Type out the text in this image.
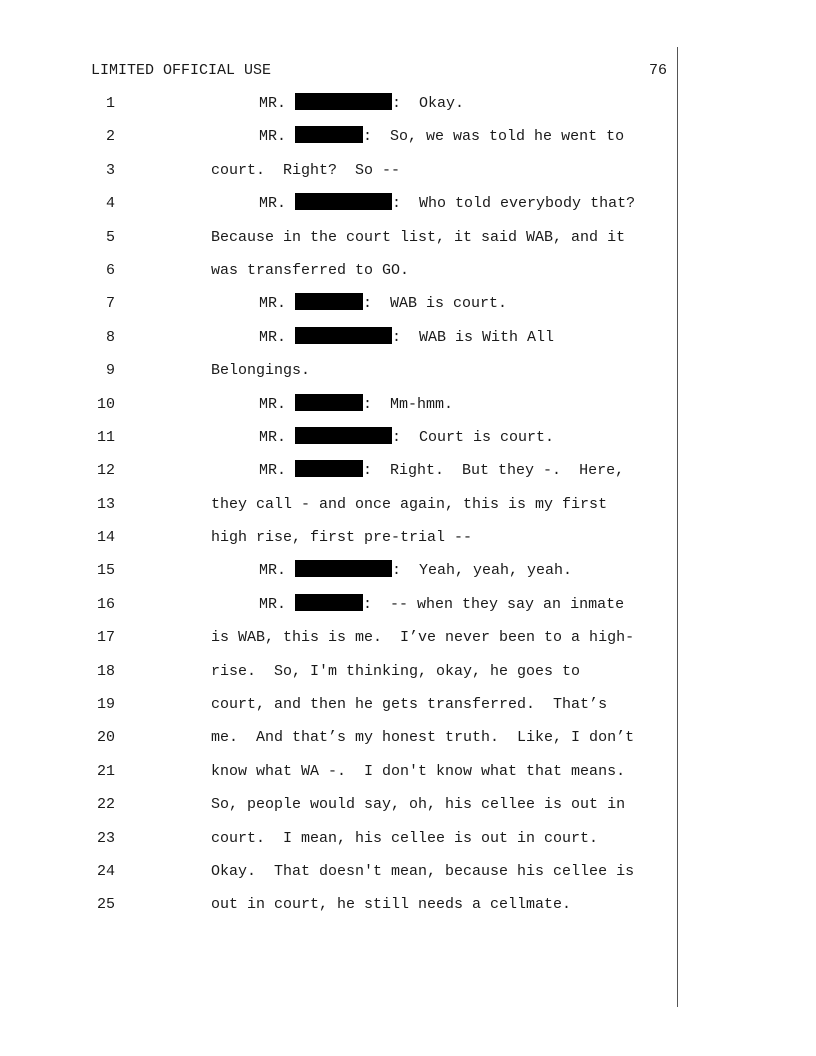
LIMITED OFFICIAL USE	76
1	MR.	:  Okay.
2	MR.	:  So, we was told he went to
3	court.  Right?  So --
4	MR.	:  Who told everybody that?
5	Because in the court list, it said WAB, and it
6	was transferred to GO.
7	MR.	:  WAB is court.
8	MR.	:  WAB is With All
9	Belongings.
10	MR.	:  Mm-hmm.
11	MR.	:  Court is court.
12	MR.	:  Right.  But they -.  Here,
13	they call - and once again, this is my first
14	high rise, first pre-trial --
15	MR.	:  Yeah, yeah, yeah.
16	MR.	:  -- when they say an inmate
17	is WAB, this is me.  I’ve never been to a high-
18	rise.  So, I'm thinking, okay, he goes to
19	court, and then he gets transferred.  That’s
20	me.  And that’s my honest truth.  Like, I don’t
21	know what WA -.  I don't know what that means.
22	So, people would say, oh, his cellee is out in
23	court.  I mean, his cellee is out in court.
24	Okay.  That doesn't mean, because his cellee is
25	out in court, he still needs a cellmate.
